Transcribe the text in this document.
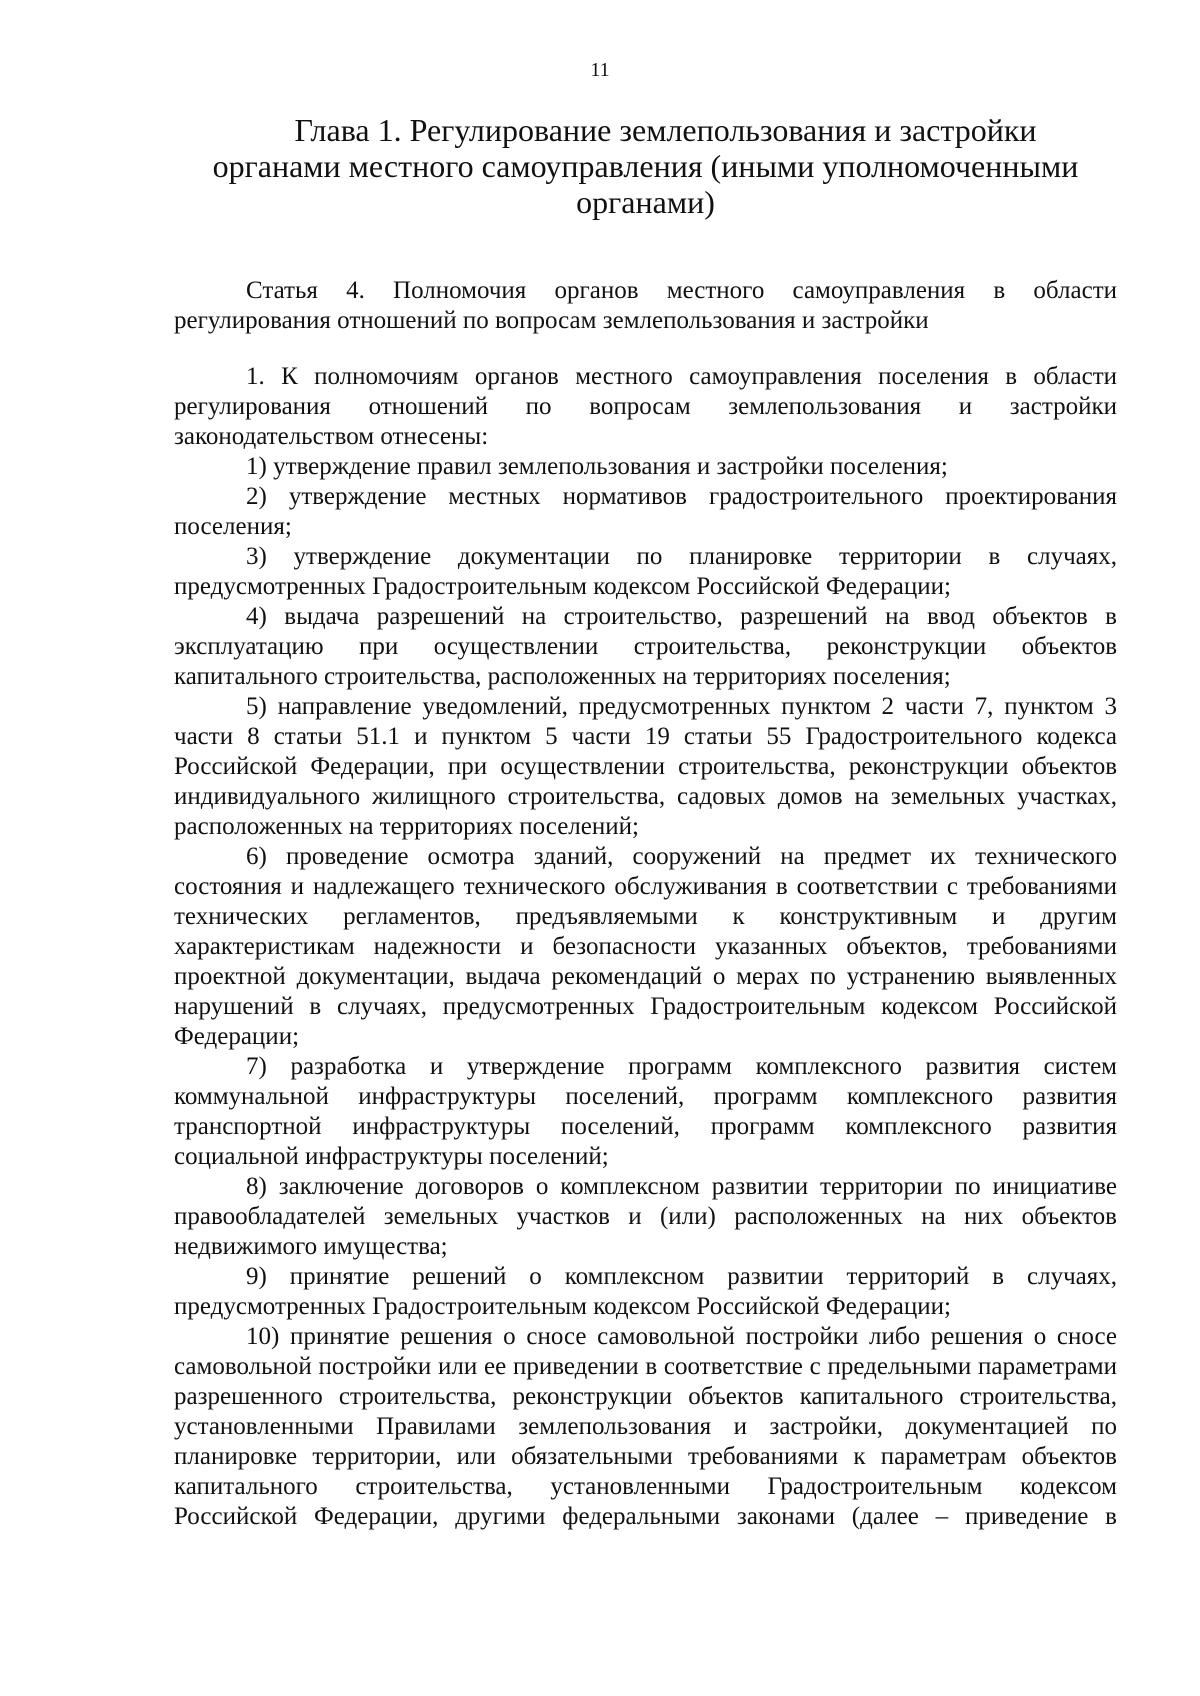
11
Глава 1. Регулирование землепользования и застройки
органами местного самоуправления (иными уполномоченными
органами)
Статья 4. Полномочия органов местного самоуправления в области регулирования отношений по вопросам землепользования и застройки

1. К полномочиям органов местного самоуправления поселения в области регулирования отношений по вопросам землепользования и застройки законодательством отнесены:

1) утверждение правил землепользования и застройки поселения;

2) утверждение местных нормативов градостроительного проектирования поселения;

3) утверждение документации по планировке территории в случаях, предусмотренных Градостроительным кодексом Российской Федерации;

4) выдача разрешений на строительство, разрешений на ввод объектов в эксплуатацию при осуществлении строительства, реконструкции объектов капитального строительства, расположенных на территориях поселения;

5) направление уведомлений, предусмотренных пунктом 2 части 7, пунктом 3 части 8 статьи 51.1 и пунктом 5 части 19 статьи 55 Градостроительного кодекса Российской Федерации, при осуществлении строительства, реконструкции объектов индивидуального жилищного строительства, садовых домов на земельных участках, расположенных на территориях поселений;

6) проведение осмотра зданий, сооружений на предмет их технического состояния и надлежащего технического обслуживания в соответствии с требованиями технических регламентов, предъявляемыми к конструктивным и другим характеристикам надежности и безопасности указанных объектов, требованиями проектной документации, выдача рекомендаций о мерах по устранению выявленных нарушений в случаях, предусмотренных Градостроительным кодексом Российской Федерации;

7) разработка и утверждение программ комплексного развития систем коммунальной инфраструктуры поселений, программ комплексного развития транспортной инфраструктуры поселений, программ комплексного развития социальной инфраструктуры поселений;

8) заключение договоров о комплексном развитии территории по инициативе правообладателей земельных участков и (или) расположенных на них объектов недвижимого имущества;

9) принятие решений о комплексном развитии территорий в случаях, предусмотренных Градостроительным кодексом Российской Федерации;

10) принятие решения о сносе самовольной постройки либо решения о сносе самовольной постройки или ее приведении в соответствие с предельными параметрами разрешенного строительства, реконструкции объектов капитального строительства, установленными Правилами землепользования и застройки, документацией по планировке территории, или обязательными требованиями к параметрам объектов капитального строительства, установленными Градостроительным кодексом Российской Федерации, другими федеральными законами (далее – приведение в
